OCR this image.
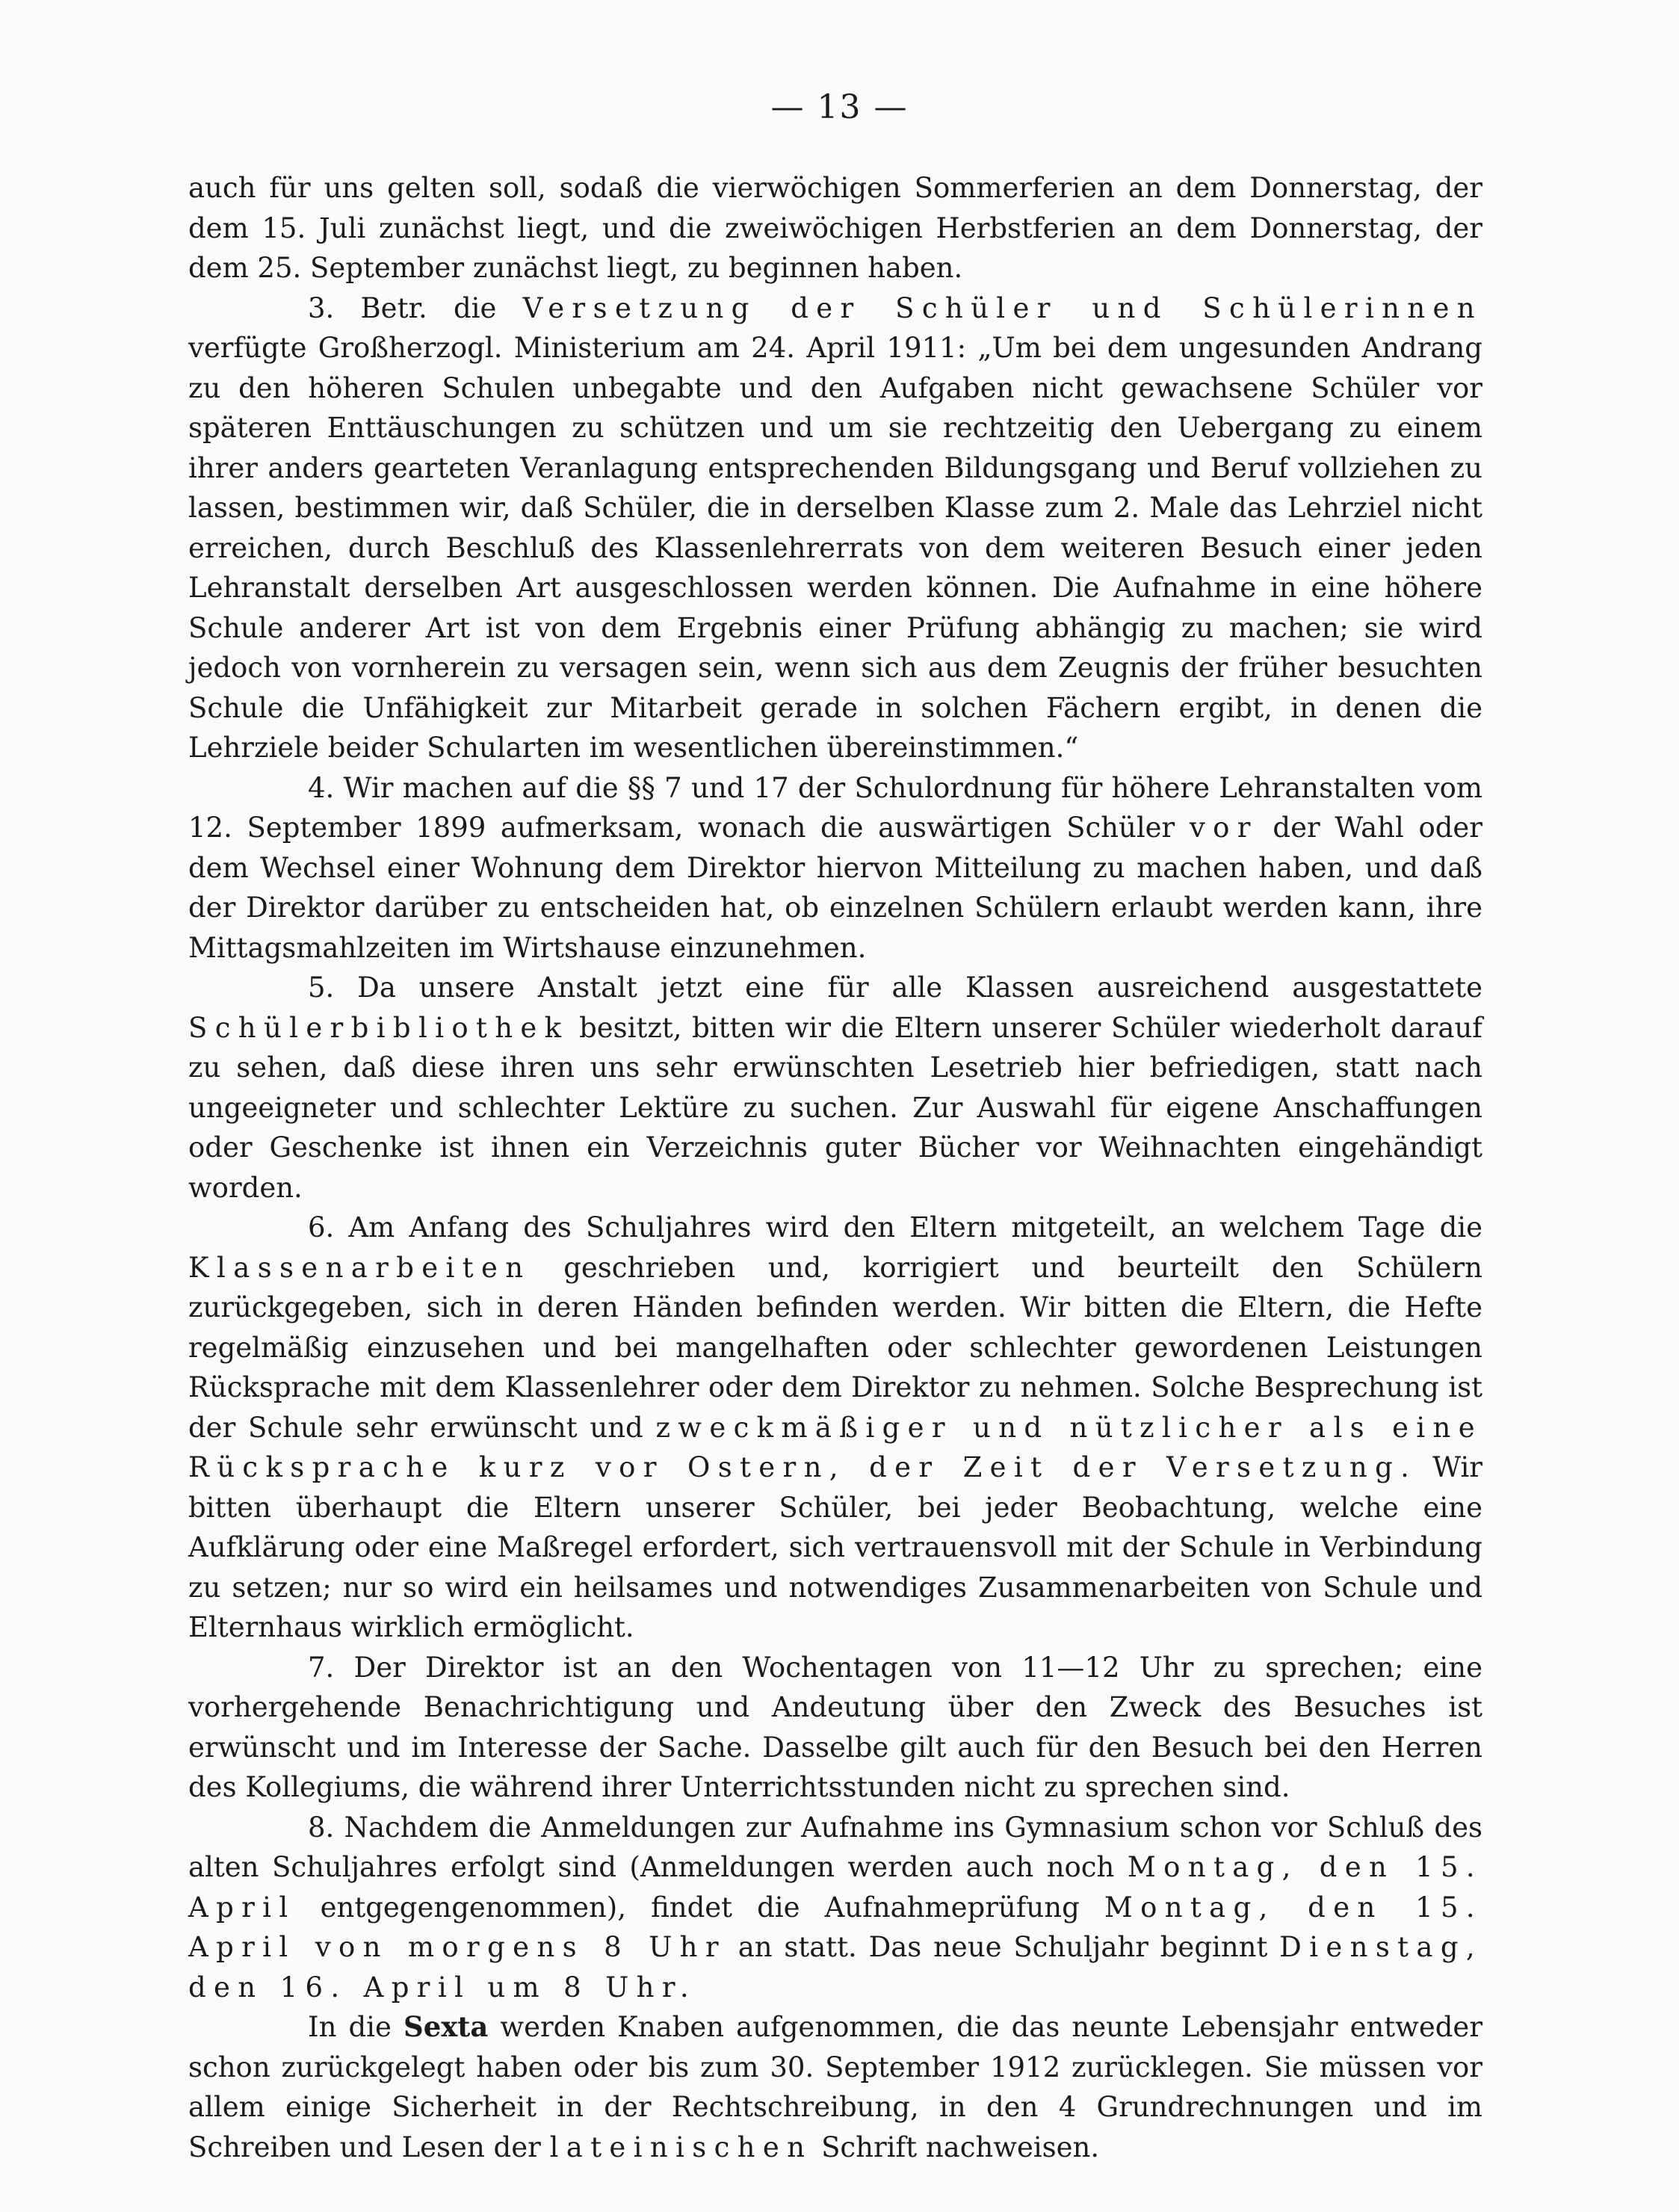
— 13 —

auch für uns gelten soll, sodaß die vierwöchigen Sommerferien an dem Donnerstag, der dem 15. Juli zunächst liegt, und die zweiwöchigen Herbstferien an dem Donnerstag, der dem 25. September zunächst liegt, zu beginnen haben.

3. Betr. die Versetzung der Schüler und Schülerinnen verfügte Großherzogl. Ministerium am 24. April 1911: „Um bei dem ungesunden Andrang zu den höheren Schulen unbegabte und den Aufgaben nicht gewachsene Schüler vor späteren Enttäuschungen zu schützen und um sie rechtzeitig den Uebergang zu einem ihrer anders gearteten Veranlagung entsprechenden Bildungsgang und Beruf vollziehen zu lassen, bestimmen wir, daß Schüler, die in derselben Klasse zum 2. Male das Lehrziel nicht erreichen, durch Beschluß des Klassenlehrerrats von dem weiteren Besuch einer jeden Lehranstalt derselben Art ausgeschlossen werden können. Die Aufnahme in eine höhere Schule anderer Art ist von dem Ergebnis einer Prüfung abhängig zu machen; sie wird jedoch von vornherein zu versagen sein, wenn sich aus dem Zeugnis der früher besuchten Schule die Unfähigkeit zur Mitarbeit gerade in solchen Fächern ergibt, in denen die Lehrziele beider Schularten im wesentlichen übereinstimmen.“

4. Wir machen auf die §§ 7 und 17 der Schulordnung für höhere Lehranstalten vom 12. September 1899 aufmerksam, wonach die auswärtigen Schüler vor der Wahl oder dem Wechsel einer Wohnung dem Direktor hiervon Mitteilung zu machen haben, und daß der Direktor darüber zu entscheiden hat, ob einzelnen Schülern erlaubt werden kann, ihre Mittagsmahlzeiten im Wirtshause einzunehmen.

5. Da unsere Anstalt jetzt eine für alle Klassen ausreichend ausgestattete Schülerbibliothek besitzt, bitten wir die Eltern unserer Schüler wiederholt darauf zu sehen, daß diese ihren uns sehr erwünschten Lesetrieb hier befriedigen, statt nach ungeeigneter und schlechter Lektüre zu suchen. Zur Auswahl für eigene Anschaffungen oder Geschenke ist ihnen ein Verzeichnis guter Bücher vor Weihnachten eingehändigt worden.

6. Am Anfang des Schuljahres wird den Eltern mitgeteilt, an welchem Tage die Klassenarbeiten geschrieben und, korrigiert und beurteilt den Schülern zurückgegeben, sich in deren Händen befinden werden. Wir bitten die Eltern, die Hefte regelmäßig einzusehen und bei mangelhaften oder schlechter gewordenen Leistungen Rücksprache mit dem Klassenlehrer oder dem Direktor zu nehmen. Solche Besprechung ist der Schule sehr erwünscht und zweckmäßiger und nützlicher als eine Rücksprache kurz vor Ostern, der Zeit der Versetzung. Wir bitten überhaupt die Eltern unserer Schüler, bei jeder Beobachtung, welche eine Aufklärung oder eine Maßregel erfordert, sich vertrauensvoll mit der Schule in Verbindung zu setzen; nur so wird ein heilsames und notwendiges Zusammenarbeiten von Schule und Elternhaus wirklich ermöglicht.

7. Der Direktor ist an den Wochentagen von 11—12 Uhr zu sprechen; eine vorhergehende Benachrichtigung und Andeutung über den Zweck des Besuches ist erwünscht und im Interesse der Sache. Dasselbe gilt auch für den Besuch bei den Herren des Kollegiums, die während ihrer Unterrichtsstunden nicht zu sprechen sind.

8. Nachdem die Anmeldungen zur Aufnahme ins Gymnasium schon vor Schluß des alten Schuljahres erfolgt sind (Anmeldungen werden auch noch Montag, den 15. April entgegengenommen), findet die Aufnahmeprüfung Montag, den 15. April von morgens 8 Uhr an statt. Das neue Schuljahr beginnt Dienstag, den 16. April um 8 Uhr.

In die Sexta werden Knaben aufgenommen, die das neunte Lebensjahr entweder schon zurückgelegt haben oder bis zum 30. September 1912 zurücklegen. Sie müssen vor allem einige Sicherheit in der Rechtschreibung, in den 4 Grundrechnungen und im Schreiben und Lesen der lateinischen Schrift nachweisen.
